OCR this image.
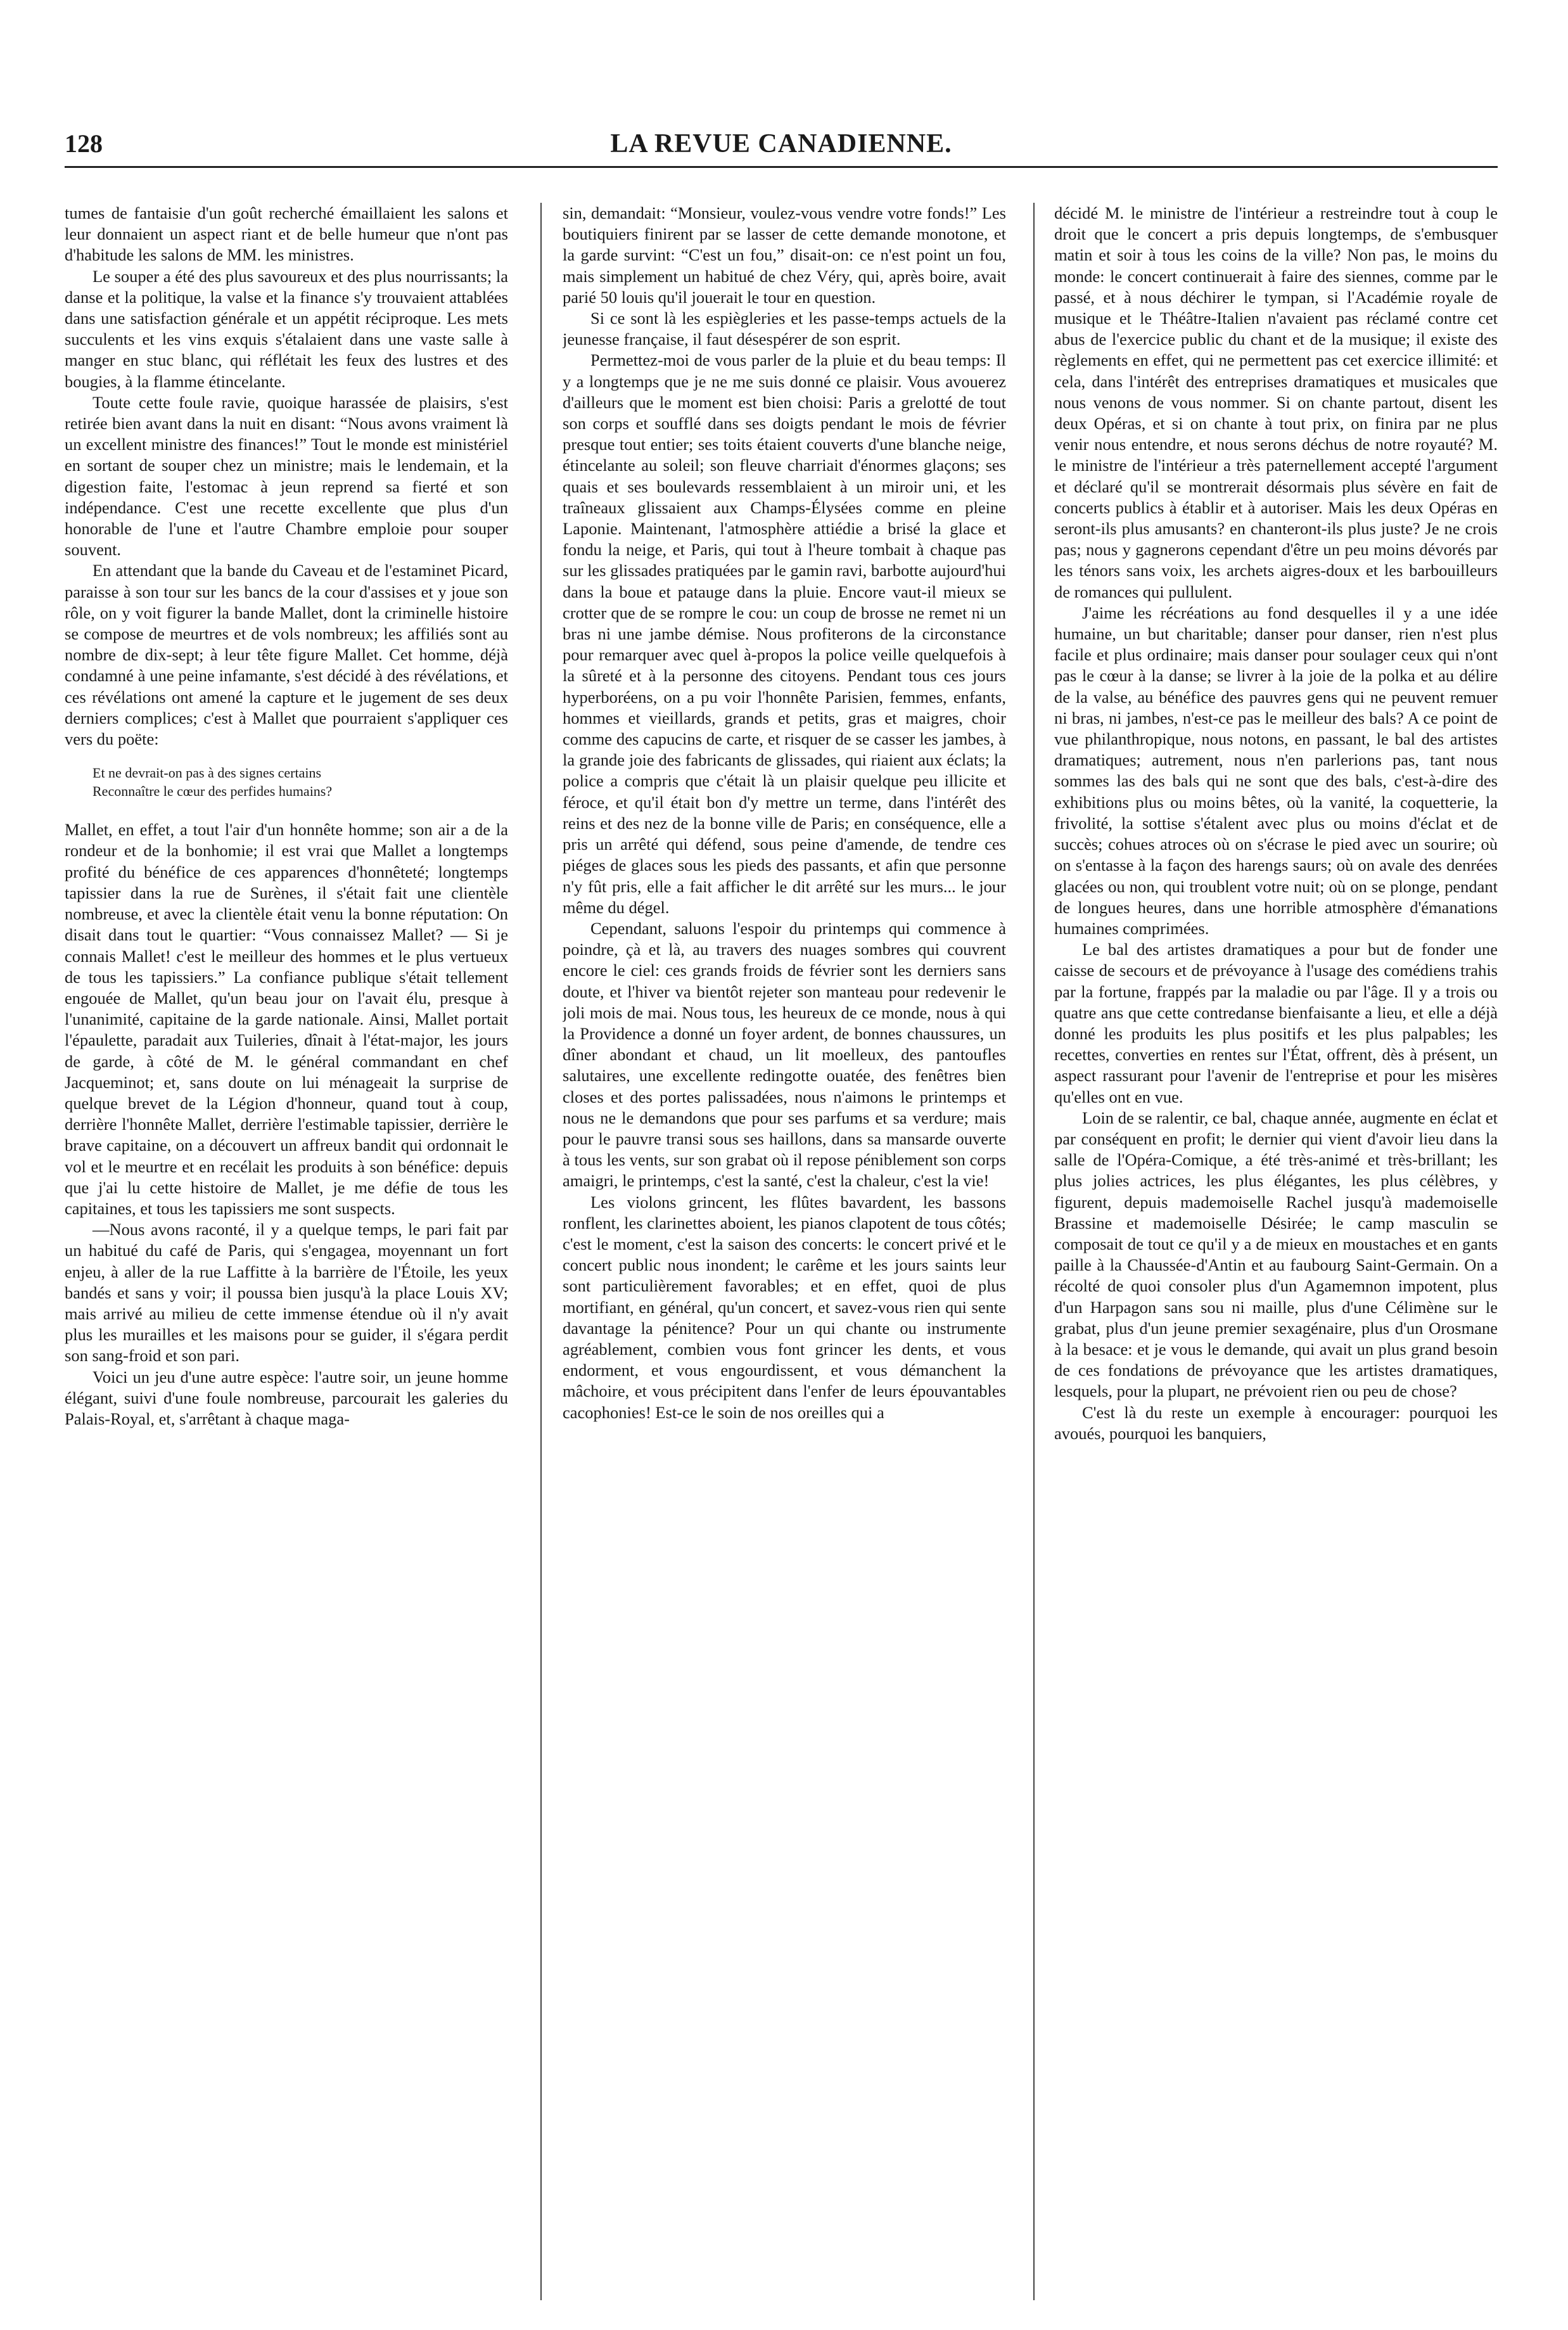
128	LA REVUE CANADIENNE.

tumes de fantaisie d'un goût recherché émaillaient les salons et leur donnaient un aspect riant et de belle humeur que n'ont pas d'habitude les salons de MM. les ministres.

Le souper a été des plus savoureux et des plus nourrissants; la danse et la politique, la valse et la finance s'y trouvaient attablées dans une satisfaction générale et un appétit réciproque. Les mets succulents et les vins exquis s'étalaient dans une vaste salle à manger en stuc blanc, qui réflétait les feux des lustres et des bougies, à la flamme étincelante.

Toute cette foule ravie, quoique harassée de plaisirs, s'est retirée bien avant dans la nuit en disant: “Nous avons vraiment là un excellent ministre des finances!” Tout le monde est ministériel en sortant de souper chez un ministre; mais le lendemain, et la digestion faite, l'estomac à jeun reprend sa fierté et son indépendance. C'est une recette excellente que plus d'un honorable de l'une et l'autre Chambre emploie pour souper souvent.

En attendant que la bande du Caveau et de l'estaminet Picard, paraisse à son tour sur les bancs de la cour d'assises et y joue son rôle, on y voit figurer la bande Mallet, dont la criminelle histoire se compose de meurtres et de vols nombreux; les affiliés sont au nombre de dix-sept; à leur tête figure Mallet. Cet homme, déjà condamné à une peine infamante, s'est décidé à des révélations, et ces révélations ont amené la capture et le jugement de ses deux derniers complices; c'est à Mallet que pourraient s'appliquer ces vers du poëte:

Et ne devrait-on pas à des signes certains
Reconnaître le cœur des perfides humains?

Mallet, en effet, a tout l'air d'un honnête homme; son air a de la rondeur et de la bonhomie; il est vrai que Mallet a longtemps profité du bénéfice de ces apparences d'honnêteté; longtemps tapissier dans la rue de Surènes, il s'était fait une clientèle nombreuse, et avec la clientèle était venu la bonne réputation: On disait dans tout le quartier: “Vous connaissez Mallet? — Si je connais Mallet! c'est le meilleur des hommes et le plus vertueux de tous les tapissiers.” La confiance publique s'était tellement engouée de Mallet, qu'un beau jour on l'avait élu, presque à l'unanimité, capitaine de la garde nationale. Ainsi, Mallet portait l'épaulette, paradait aux Tuileries, dînait à l'état-major, les jours de garde, à côté de M. le général commandant en chef Jacqueminot; et, sans doute on lui ménageait la surprise de quelque brevet de la Légion d'honneur, quand tout à coup, derrière l'honnête Mallet, derrière l'estimable tapissier, derrière le brave capitaine, on a découvert un affreux bandit qui ordonnait le vol et le meurtre et en recélait les produits à son bénéfice: depuis que j'ai lu cette histoire de Mallet, je me défie de tous les capitaines, et tous les tapissiers me sont suspects.

—Nous avons raconté, il y a quelque temps, le pari fait par un habitué du café de Paris, qui s'engagea, moyennant un fort enjeu, à aller de la rue Laffitte à la barrière de l'Étoile, les yeux bandés et sans y voir; il poussa bien jusqu'à la place Louis XV; mais arrivé au milieu de cette immense étendue où il n'y avait plus les murailles et les maisons pour se guider, il s'égara perdit son sang-froid et son pari.

Voici un jeu d'une autre espèce: l'autre soir, un jeune homme élégant, suivi d'une foule nombreuse, parcourait les galeries du Palais-Royal, et, s'arrêtant à chaque maga-

sin, demandait: “Monsieur, voulez-vous vendre votre fonds!” Les boutiquiers finirent par se lasser de cette demande monotone, et la garde survint: “C'est un fou,” disait-on: ce n'est point un fou, mais simplement un habitué de chez Véry, qui, après boire, avait parié 50 louis qu'il jouerait le tour en question.

Si ce sont là les espiègleries et les passe-temps actuels de la jeunesse française, il faut désespérer de son esprit.

Permettez-moi de vous parler de la pluie et du beau temps: Il y a longtemps que je ne me suis donné ce plaisir. Vous avouerez d'ailleurs que le moment est bien choisi: Paris a grelotté de tout son corps et soufflé dans ses doigts pendant le mois de février presque tout entier; ses toits étaient couverts d'une blanche neige, étincelante au soleil; son fleuve charriait d'énormes glaçons; ses quais et ses boulevards ressemblaient à un miroir uni, et les traîneaux glissaient aux Champs-Élysées comme en pleine Laponie. Maintenant, l'atmosphère attiédie a brisé la glace et fondu la neige, et Paris, qui tout à l'heure tombait à chaque pas sur les glissades pratiquées par le gamin ravi, barbotte aujourd'hui dans la boue et patauge dans la pluie. Encore vaut-il mieux se crotter que de se rompre le cou: un coup de brosse ne remet ni un bras ni une jambe démise. Nous profiterons de la circonstance pour remarquer avec quel à-propos la police veille quelquefois à la sûreté et à la personne des citoyens. Pendant tous ces jours hyperboréens, on a pu voir l'honnête Parisien, femmes, enfants, hommes et vieillards, grands et petits, gras et maigres, choir comme des capucins de carte, et risquer de se casser les jambes, à la grande joie des fabricants de glissades, qui riaient aux éclats; la police a compris que c'était là un plaisir quelque peu illicite et féroce, et qu'il était bon d'y mettre un terme, dans l'intérêt des reins et des nez de la bonne ville de Paris; en conséquence, elle a pris un arrêté qui défend, sous peine d'amende, de tendre ces piéges de glaces sous les pieds des passants, et afin que personne n'y fût pris, elle a fait afficher le dit arrêté sur les murs... le jour même du dégel.

Cependant, saluons l'espoir du printemps qui commence à poindre, çà et là, au travers des nuages sombres qui couvrent encore le ciel: ces grands froids de février sont les derniers sans doute, et l'hiver va bientôt rejeter son manteau pour redevenir le joli mois de mai. Nous tous, les heureux de ce monde, nous à qui la Providence a donné un foyer ardent, de bonnes chaussures, un dîner abondant et chaud, un lit moelleux, des pantoufles salutaires, une excellente redingotte ouatée, des fenêtres bien closes et des portes palissadées, nous n'aimons le printemps et nous ne le demandons que pour ses parfums et sa verdure; mais pour le pauvre transi sous ses haillons, dans sa mansarde ouverte à tous les vents, sur son grabat où il repose péniblement son corps amaigri, le printemps, c'est la santé, c'est la chaleur, c'est la vie!

Les violons grincent, les flûtes bavardent, les bassons ronflent, les clarinettes aboient, les pianos clapotent de tous côtés; c'est le moment, c'est la saison des concerts: le concert privé et le concert public nous inondent; le carême et les jours saints leur sont particulièrement favorables; et en effet, quoi de plus mortifiant, en général, qu'un concert, et savez-vous rien qui sente davantage la pénitence? Pour un qui chante ou instrumente agréablement, combien vous font grincer les dents, et vous endorment, et vous engourdissent, et vous démanchent la mâchoire, et vous précipitent dans l'enfer de leurs épouvantables cacophonies! Est-ce le soin de nos oreilles qui a

décidé M. le ministre de l'intérieur a restreindre tout à coup le droit que le concert a pris depuis longtemps, de s'embusquer matin et soir à tous les coins de la ville? Non pas, le moins du monde: le concert continuerait à faire des siennes, comme par le passé, et à nous déchirer le tympan, si l'Académie royale de musique et le Théâtre-Italien n'avaient pas réclamé contre cet abus de l'exercice public du chant et de la musique; il existe des règlements en effet, qui ne permettent pas cet exercice illimité: et cela, dans l'intérêt des entreprises dramatiques et musicales que nous venons de vous nommer. Si on chante partout, disent les deux Opéras, et si on chante à tout prix, on finira par ne plus venir nous entendre, et nous serons déchus de notre royauté? M. le ministre de l'intérieur a très paternellement accepté l'argument et déclaré qu'il se montrerait désormais plus sévère en fait de concerts publics à établir et à autoriser. Mais les deux Opéras en seront-ils plus amusants? en chanteront-ils plus juste? Je ne crois pas; nous y gagnerons cependant d'être un peu moins dévorés par les ténors sans voix, les archets aigres-doux et les barbouilleurs de romances qui pullulent.

J'aime les récréations au fond desquelles il y a une idée humaine, un but charitable; danser pour danser, rien n'est plus facile et plus ordinaire; mais danser pour soulager ceux qui n'ont pas le cœur à la danse; se livrer à la joie de la polka et au délire de la valse, au bénéfice des pauvres gens qui ne peuvent remuer ni bras, ni jambes, n'est-ce pas le meilleur des bals? A ce point de vue philanthropique, nous notons, en passant, le bal des artistes dramatiques; autrement, nous n'en parlerions pas, tant nous sommes las des bals qui ne sont que des bals, c'est-à-dire des exhibitions plus ou moins bêtes, où la vanité, la coquetterie, la frivolité, la sottise s'étalent avec plus ou moins d'éclat et de succès; cohues atroces où on s'écrase le pied avec un sourire; où on s'entasse à la façon des harengs saurs; où on avale des denrées glacées ou non, qui troublent votre nuit; où on se plonge, pendant de longues heures, dans une horrible atmosphère d'émanations humaines comprimées.

Le bal des artistes dramatiques a pour but de fonder une caisse de secours et de prévoyance à l'usage des comédiens trahis par la fortune, frappés par la maladie ou par l'âge. Il y a trois ou quatre ans que cette contredanse bienfaisante a lieu, et elle a déjà donné les produits les plus positifs et les plus palpables; les recettes, converties en rentes sur l'État, offrent, dès à présent, un aspect rassurant pour l'avenir de l'entreprise et pour les misères qu'elles ont en vue.

Loin de se ralentir, ce bal, chaque année, augmente en éclat et par conséquent en profit; le dernier qui vient d'avoir lieu dans la salle de l'Opéra-Comique, a été très-animé et très-brillant; les plus jolies actrices, les plus élégantes, les plus célèbres, y figurent, depuis mademoiselle Rachel jusqu'à mademoiselle Brassine et mademoiselle Désirée; le camp masculin se composait de tout ce qu'il y a de mieux en moustaches et en gants paille à la Chaussée-d'Antin et au faubourg Saint-Germain. On a récolté de quoi consoler plus d'un Agamemnon impotent, plus d'un Harpagon sans sou ni maille, plus d'une Célimène sur le grabat, plus d'un jeune premier sexagénaire, plus d'un Orosmane à la besace: et je vous le demande, qui avait un plus grand besoin de ces fondations de prévoyance que les artistes dramatiques, lesquels, pour la plupart, ne prévoient rien ou peu de chose?

C'est là du reste un exemple à encourager: pourquoi les avoués, pourquoi les banquiers,
